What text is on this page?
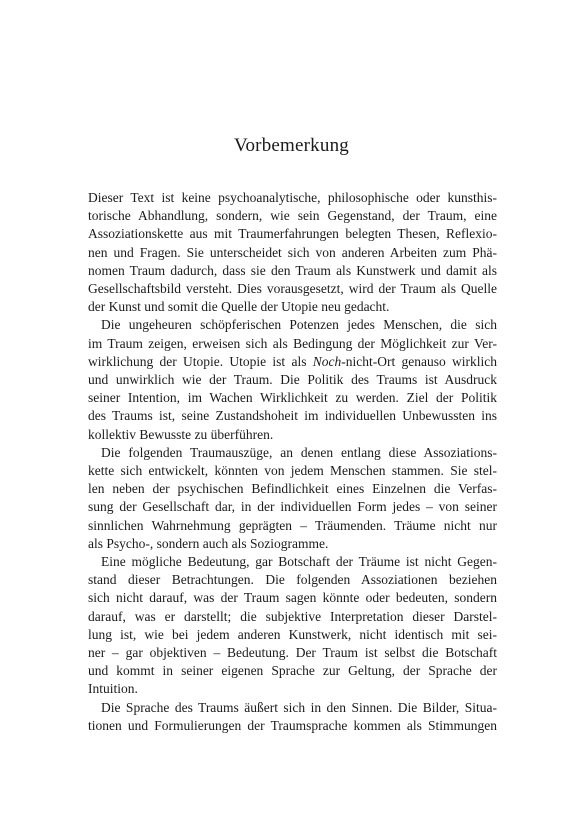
Vorbemerkung
Dieser Text ist keine psychoanalytische, philosophische oder kunsthis-
torische Abhandlung, sondern, wie sein Gegenstand, der Traum, eine
Assoziationskette aus mit Traumerfahrungen belegten Thesen, Reflexio-
nen und Fragen. Sie unterscheidet sich von anderen Arbeiten zum Phä-
nomen Traum dadurch, dass sie den Traum als Kunstwerk und damit als
Gesellschaftsbild versteht. Dies vorausgesetzt, wird der Traum als Quelle
der Kunst und somit die Quelle der Utopie neu gedacht.
Die ungeheuren schöpferischen Potenzen jedes Menschen, die sich
im Traum zeigen, erweisen sich als Bedingung der Möglichkeit zur Ver-
wirklichung der Utopie. Utopie ist als Noch-nicht-Ort genauso wirklich
und unwirklich wie der Traum. Die Politik des Traums ist Ausdruck
seiner Intention, im Wachen Wirklichkeit zu werden. Ziel der Politik
des Traums ist, seine Zustandshoheit im individuellen Unbewussten ins
kollektiv Bewusste zu überführen.
Die folgenden Traumauszüge, an denen entlang diese Assoziations-
kette sich entwickelt, könnten von jedem Menschen stammen. Sie stel-
len neben der psychischen Befindlichkeit eines Einzelnen die Verfas-
sung der Gesellschaft dar, in der individuellen Form jedes – von seiner
sinnlichen Wahrnehmung geprägten – Träumenden. Träume nicht nur
als Psycho-, sondern auch als Soziogramme.
Eine mögliche Bedeutung, gar Botschaft der Träume ist nicht Gegen-
stand dieser Betrachtungen. Die folgenden Assoziationen beziehen
sich nicht darauf, was der Traum sagen könnte oder bedeuten, sondern
darauf, was er darstellt; die subjektive Interpretation dieser Darstel-
lung ist, wie bei jedem anderen Kunstwerk, nicht identisch mit sei-
ner – gar objektiven – Bedeutung. Der Traum ist selbst die Botschaft
und kommt in seiner eigenen Sprache zur Geltung, der Sprache der
Intuition.
Die Sprache des Traums äußert sich in den Sinnen. Die Bilder, Situa-
tionen und Formulierungen der Traumsprache kommen als Stimmungen
